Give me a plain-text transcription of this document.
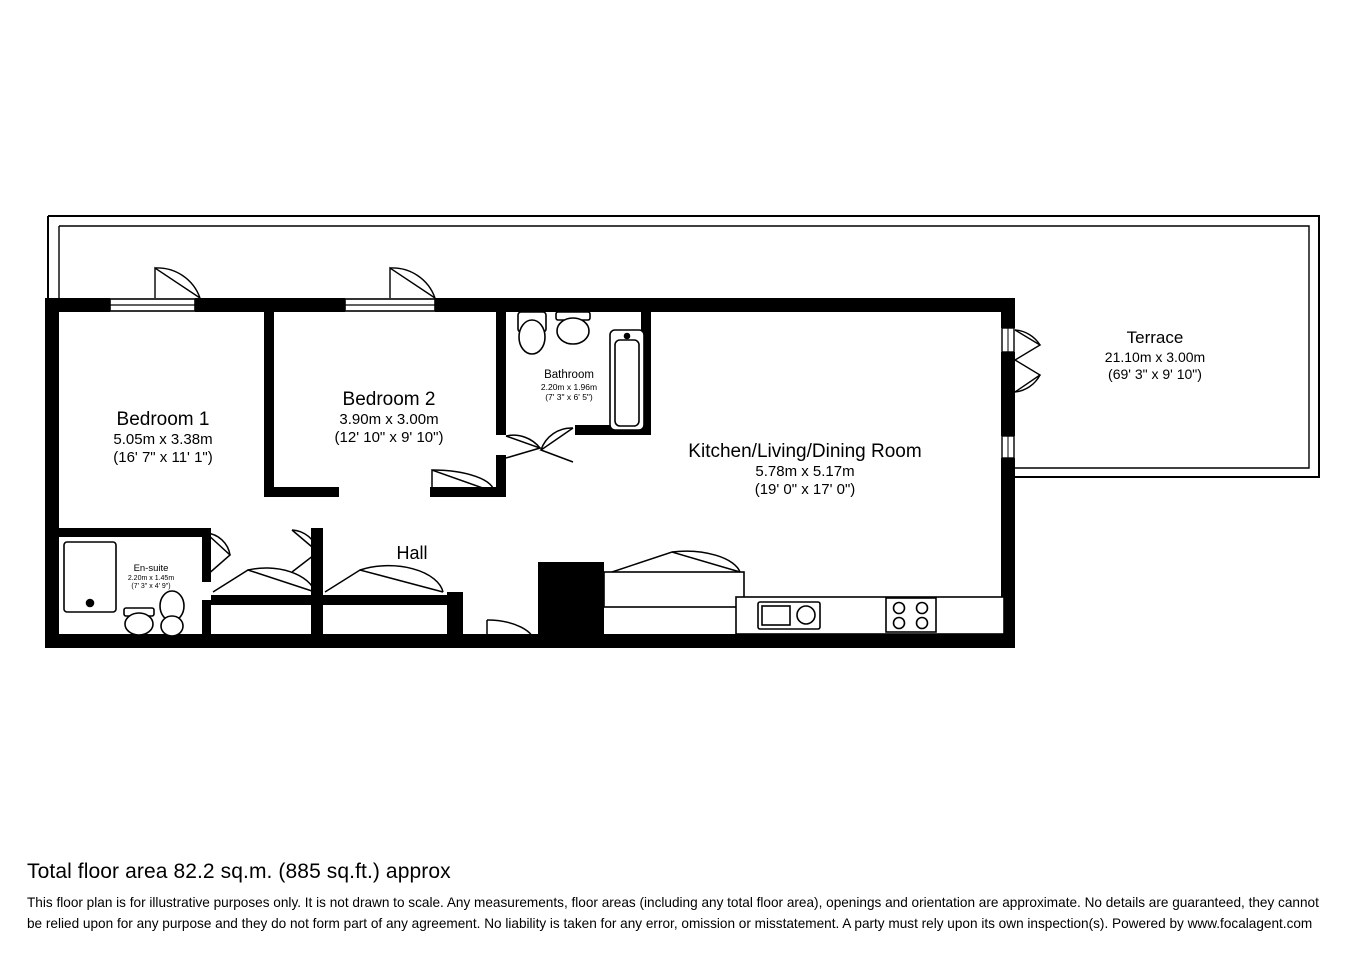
Bedroom 1
5.05m x 3.38m
(16' 7" x 11' 1")
Bedroom 2
3.90m x 3.00m
(12' 10" x 9' 10")
Bathroom
2.20m x 1.96m
(7' 3" x 6' 5")
En-suite
2.20m x 1.45m
(7' 3" x 4' 9")
Kitchen/Living/Dining Room
5.78m x 5.17m
(19' 0" x 17' 0")
Terrace
21.10m x 3.00m
(69' 3" x 9' 10")
Hall
Total floor area 82.2 sq.m. (885 sq.ft.) approx

This floor plan is for illustrative purposes only. It is not drawn to scale. Any measurements, floor areas (including any total floor area), openings and orientation are approximate. No details are guaranteed, they cannot be relied upon for any purpose and they do not form part of any agreement. No liability is taken for any error, omission or misstatement. A party must rely upon its own inspection(s). Powered by www.focalagent.com
